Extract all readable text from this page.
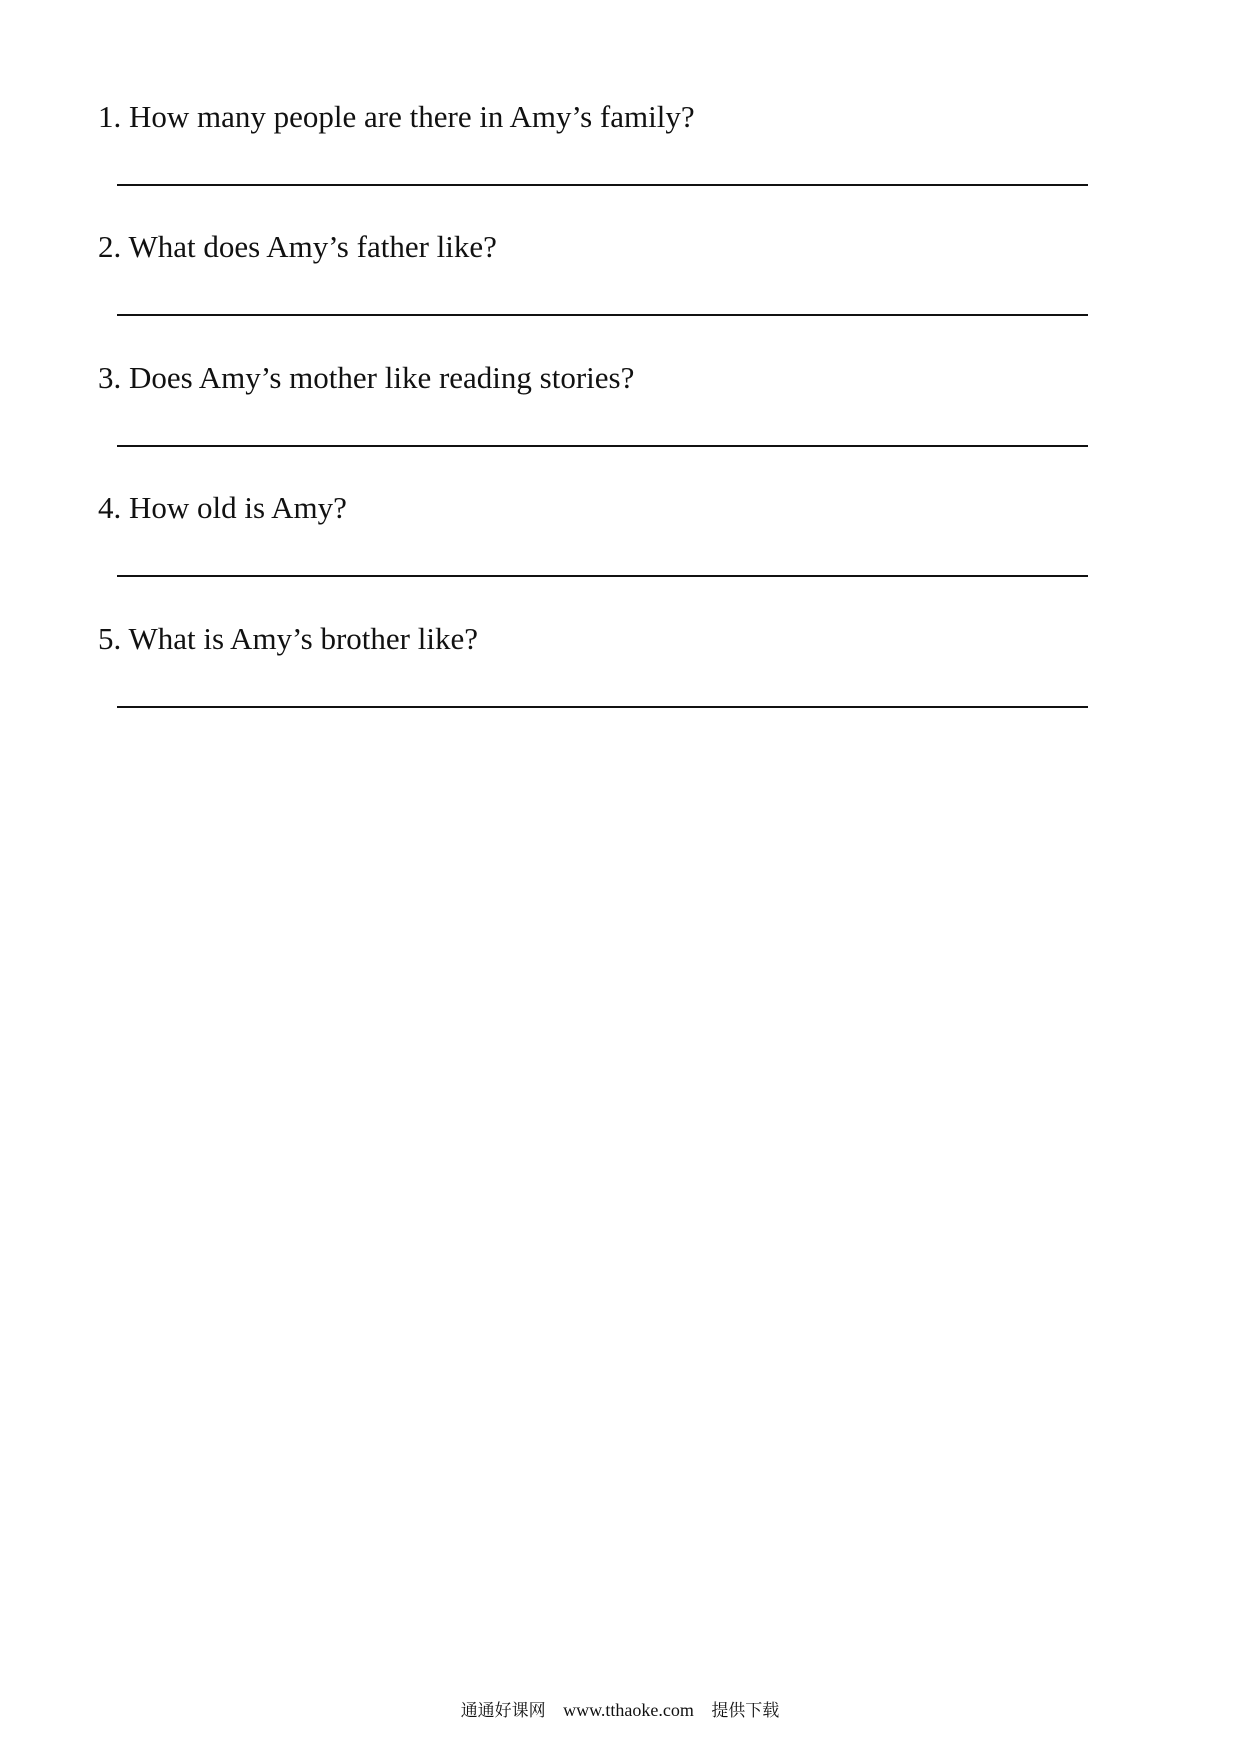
1. How many people are there in Amy’s family?
2. What does Amy’s father like?
3. Does Amy’s mother like reading stories?
4. How old is Amy?
5. What is Amy’s brother like?
通通好课网 www.tthaoke.com 提供下载
